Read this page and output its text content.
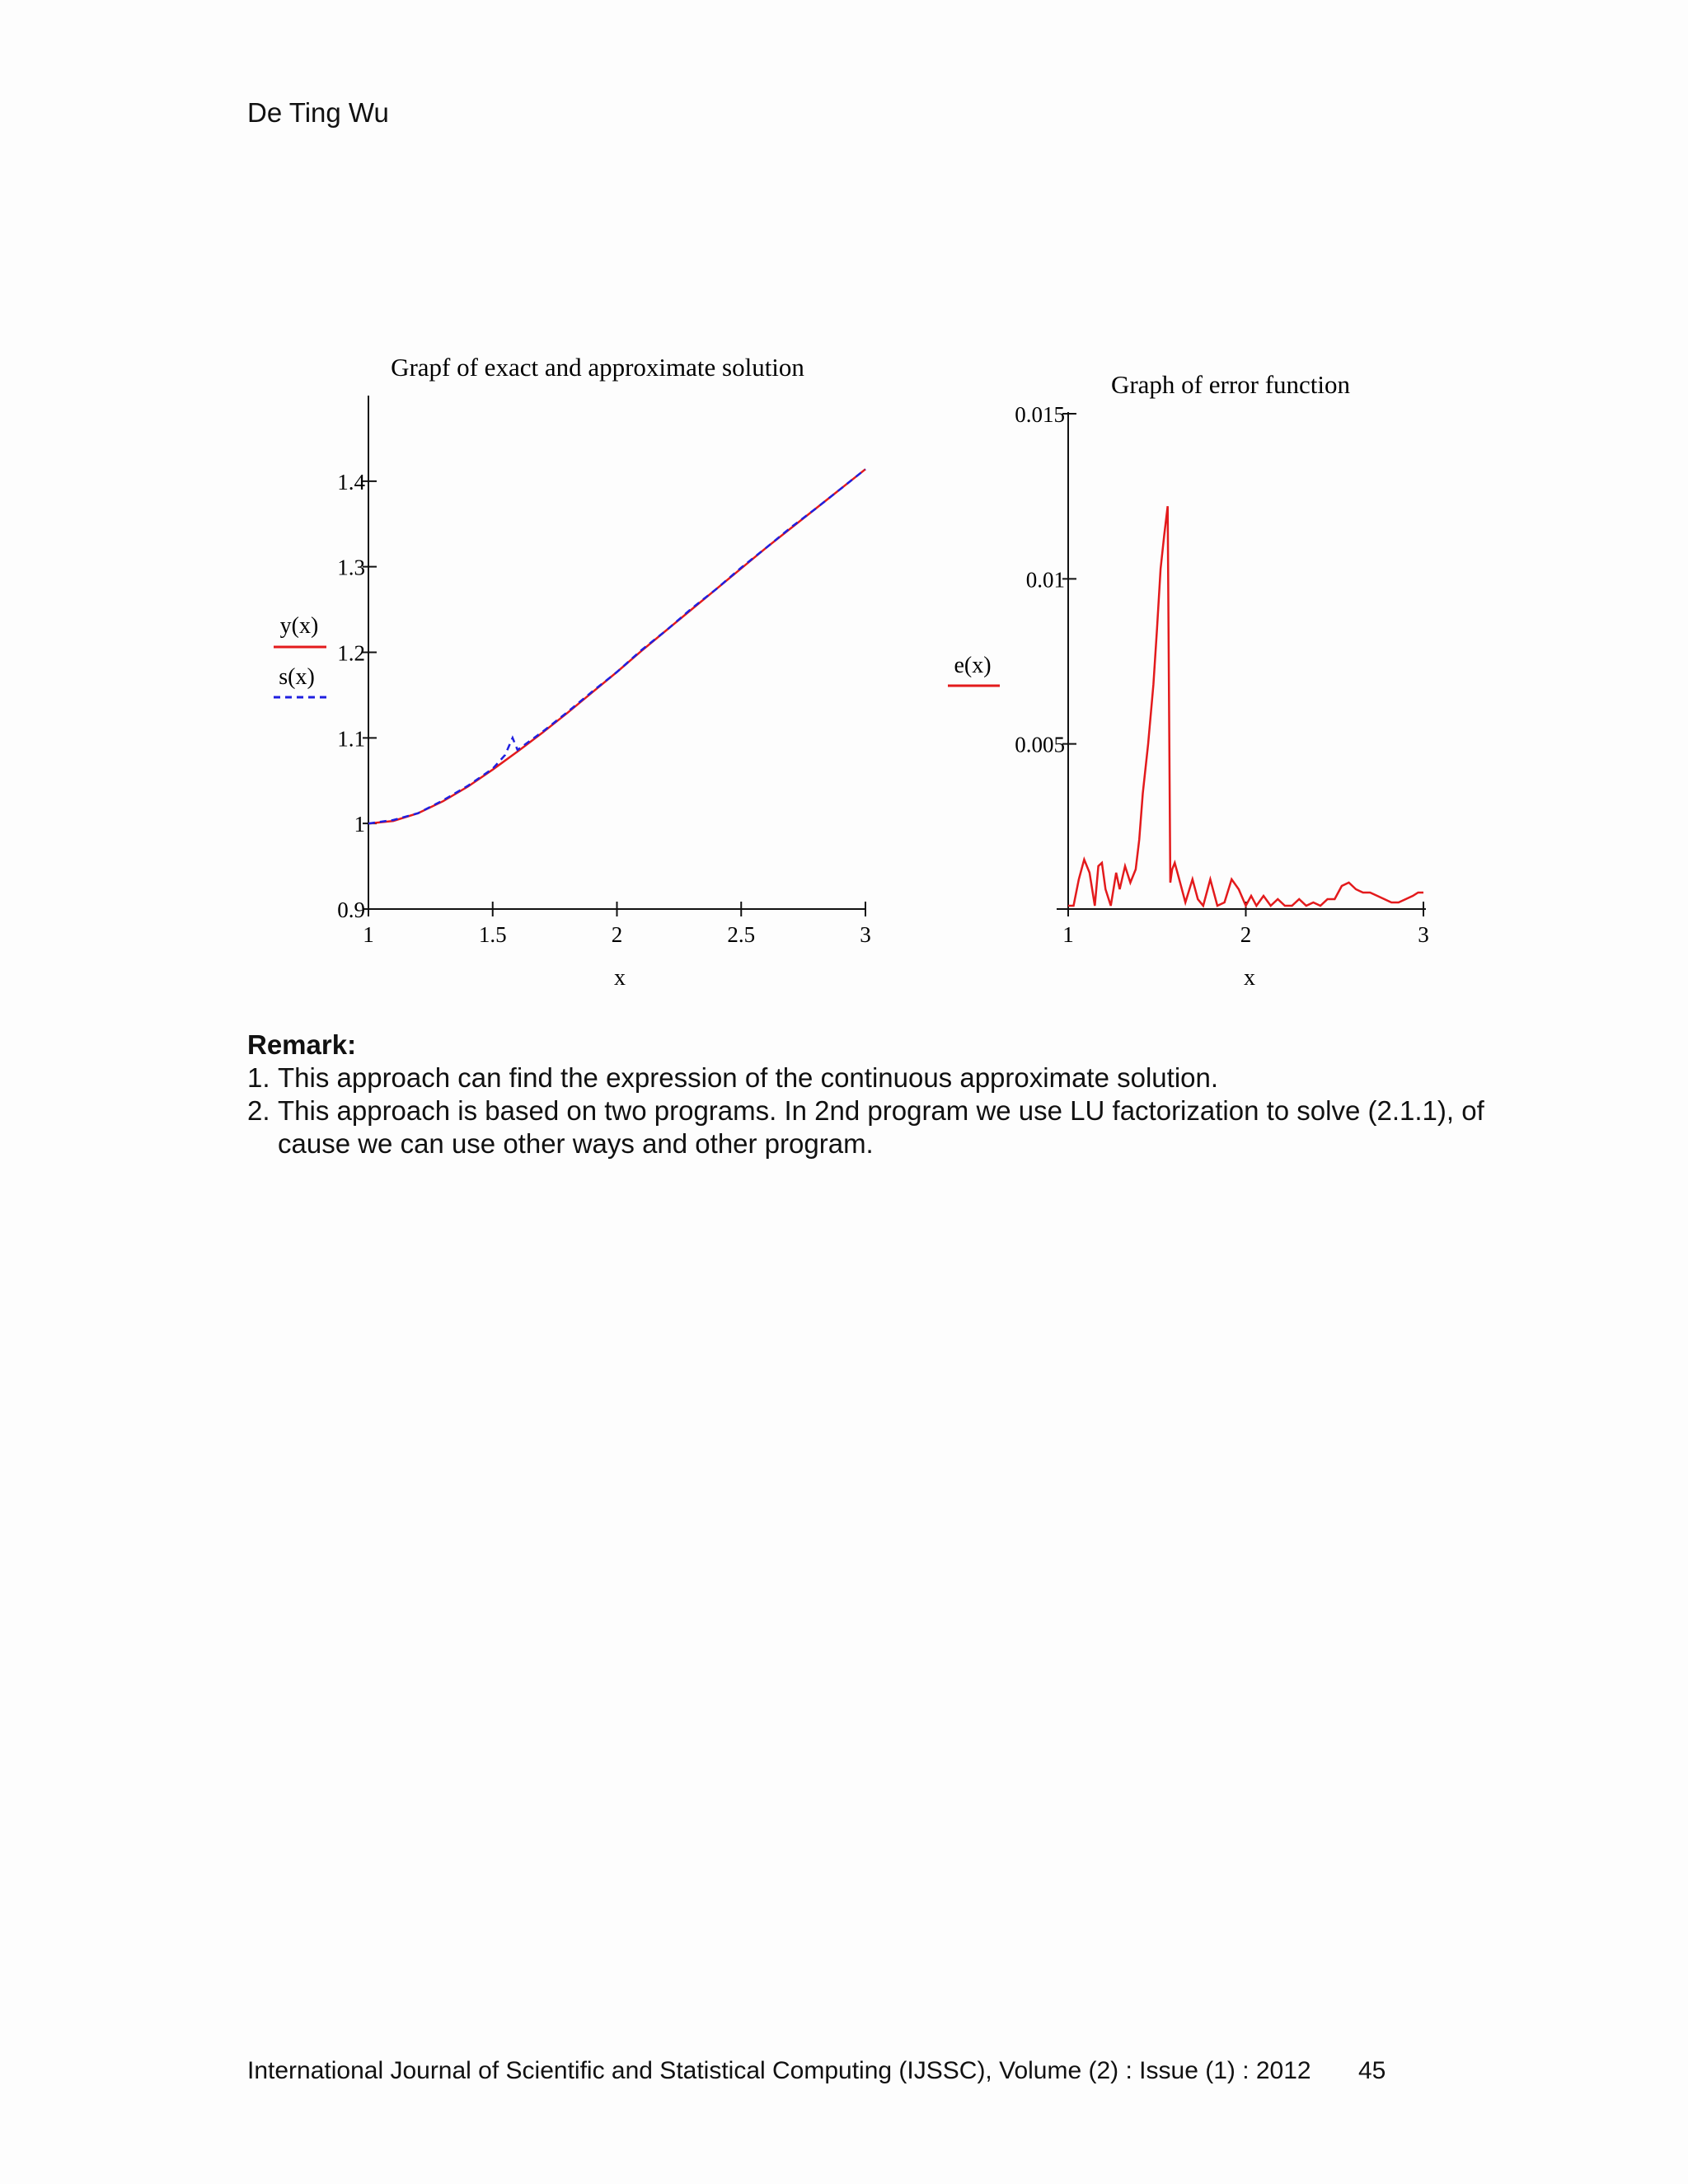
De Ting Wu
Grapf of exact and approximate solution
1	1.5	2	2.5	3
0.9
1
1.1
1.2
1.3
1.4
x
y(x)
s(x)
Graph of error function
1	2	3
0.005
0.01
0.015
x
e(x)
Remark:
1. This approach can find the expression of the continuous approximate solution.
2. This approach is based on two programs. In 2nd program we use LU factorization to solve (2.1.1), of cause we can use other ways and other program.
International Journal of Scientific and Statistical Computing (IJSSC), Volume (2) : Issue (1) : 2012 45
